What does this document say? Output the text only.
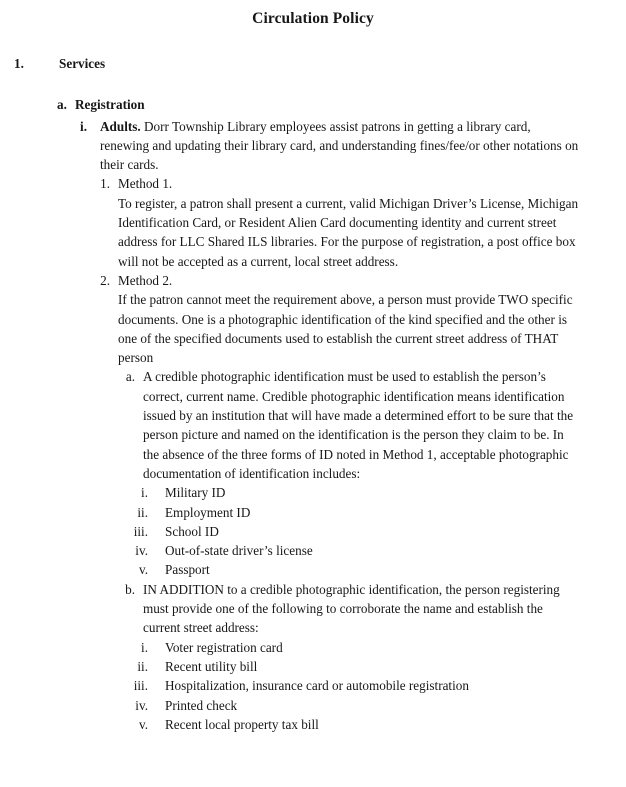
Circulation Policy
1.	Services
a. Registration
i. Adults. Dorr Township Library employees assist patrons in getting a library card, renewing and updating their library card, and understanding fines/fee/or other notations on their cards.
1. Method 1.
To register, a patron shall present a current, valid Michigan Driver’s License, Michigan Identification Card, or Resident Alien Card documenting identity and current street address for LLC Shared ILS libraries. For the purpose of registration, a post office box will not be accepted as a current, local street address.
2. Method 2.
If the patron cannot meet the requirement above, a person must provide TWO specific documents. One is a photographic identification of the kind specified and the other is one of the specified documents used to establish the current street address of THAT person
a. A credible photographic identification must be used to establish the person’s correct, current name. Credible photographic identification means identification issued by an institution that will have made a determined effort to be sure that the person picture and named on the identification is the person they claim to be. In the absence of the three forms of ID noted in Method 1, acceptable photographic documentation of identification includes:
i. Military ID
ii. Employment ID
iii. School ID
iv. Out-of-state driver’s license
v. Passport
b. IN ADDITION to a credible photographic identification, the person registering must provide one of the following to corroborate the name and establish the current street address:
i. Voter registration card
ii. Recent utility bill
iii. Hospitalization, insurance card or automobile registration
iv. Printed check
v. Recent local property tax bill
